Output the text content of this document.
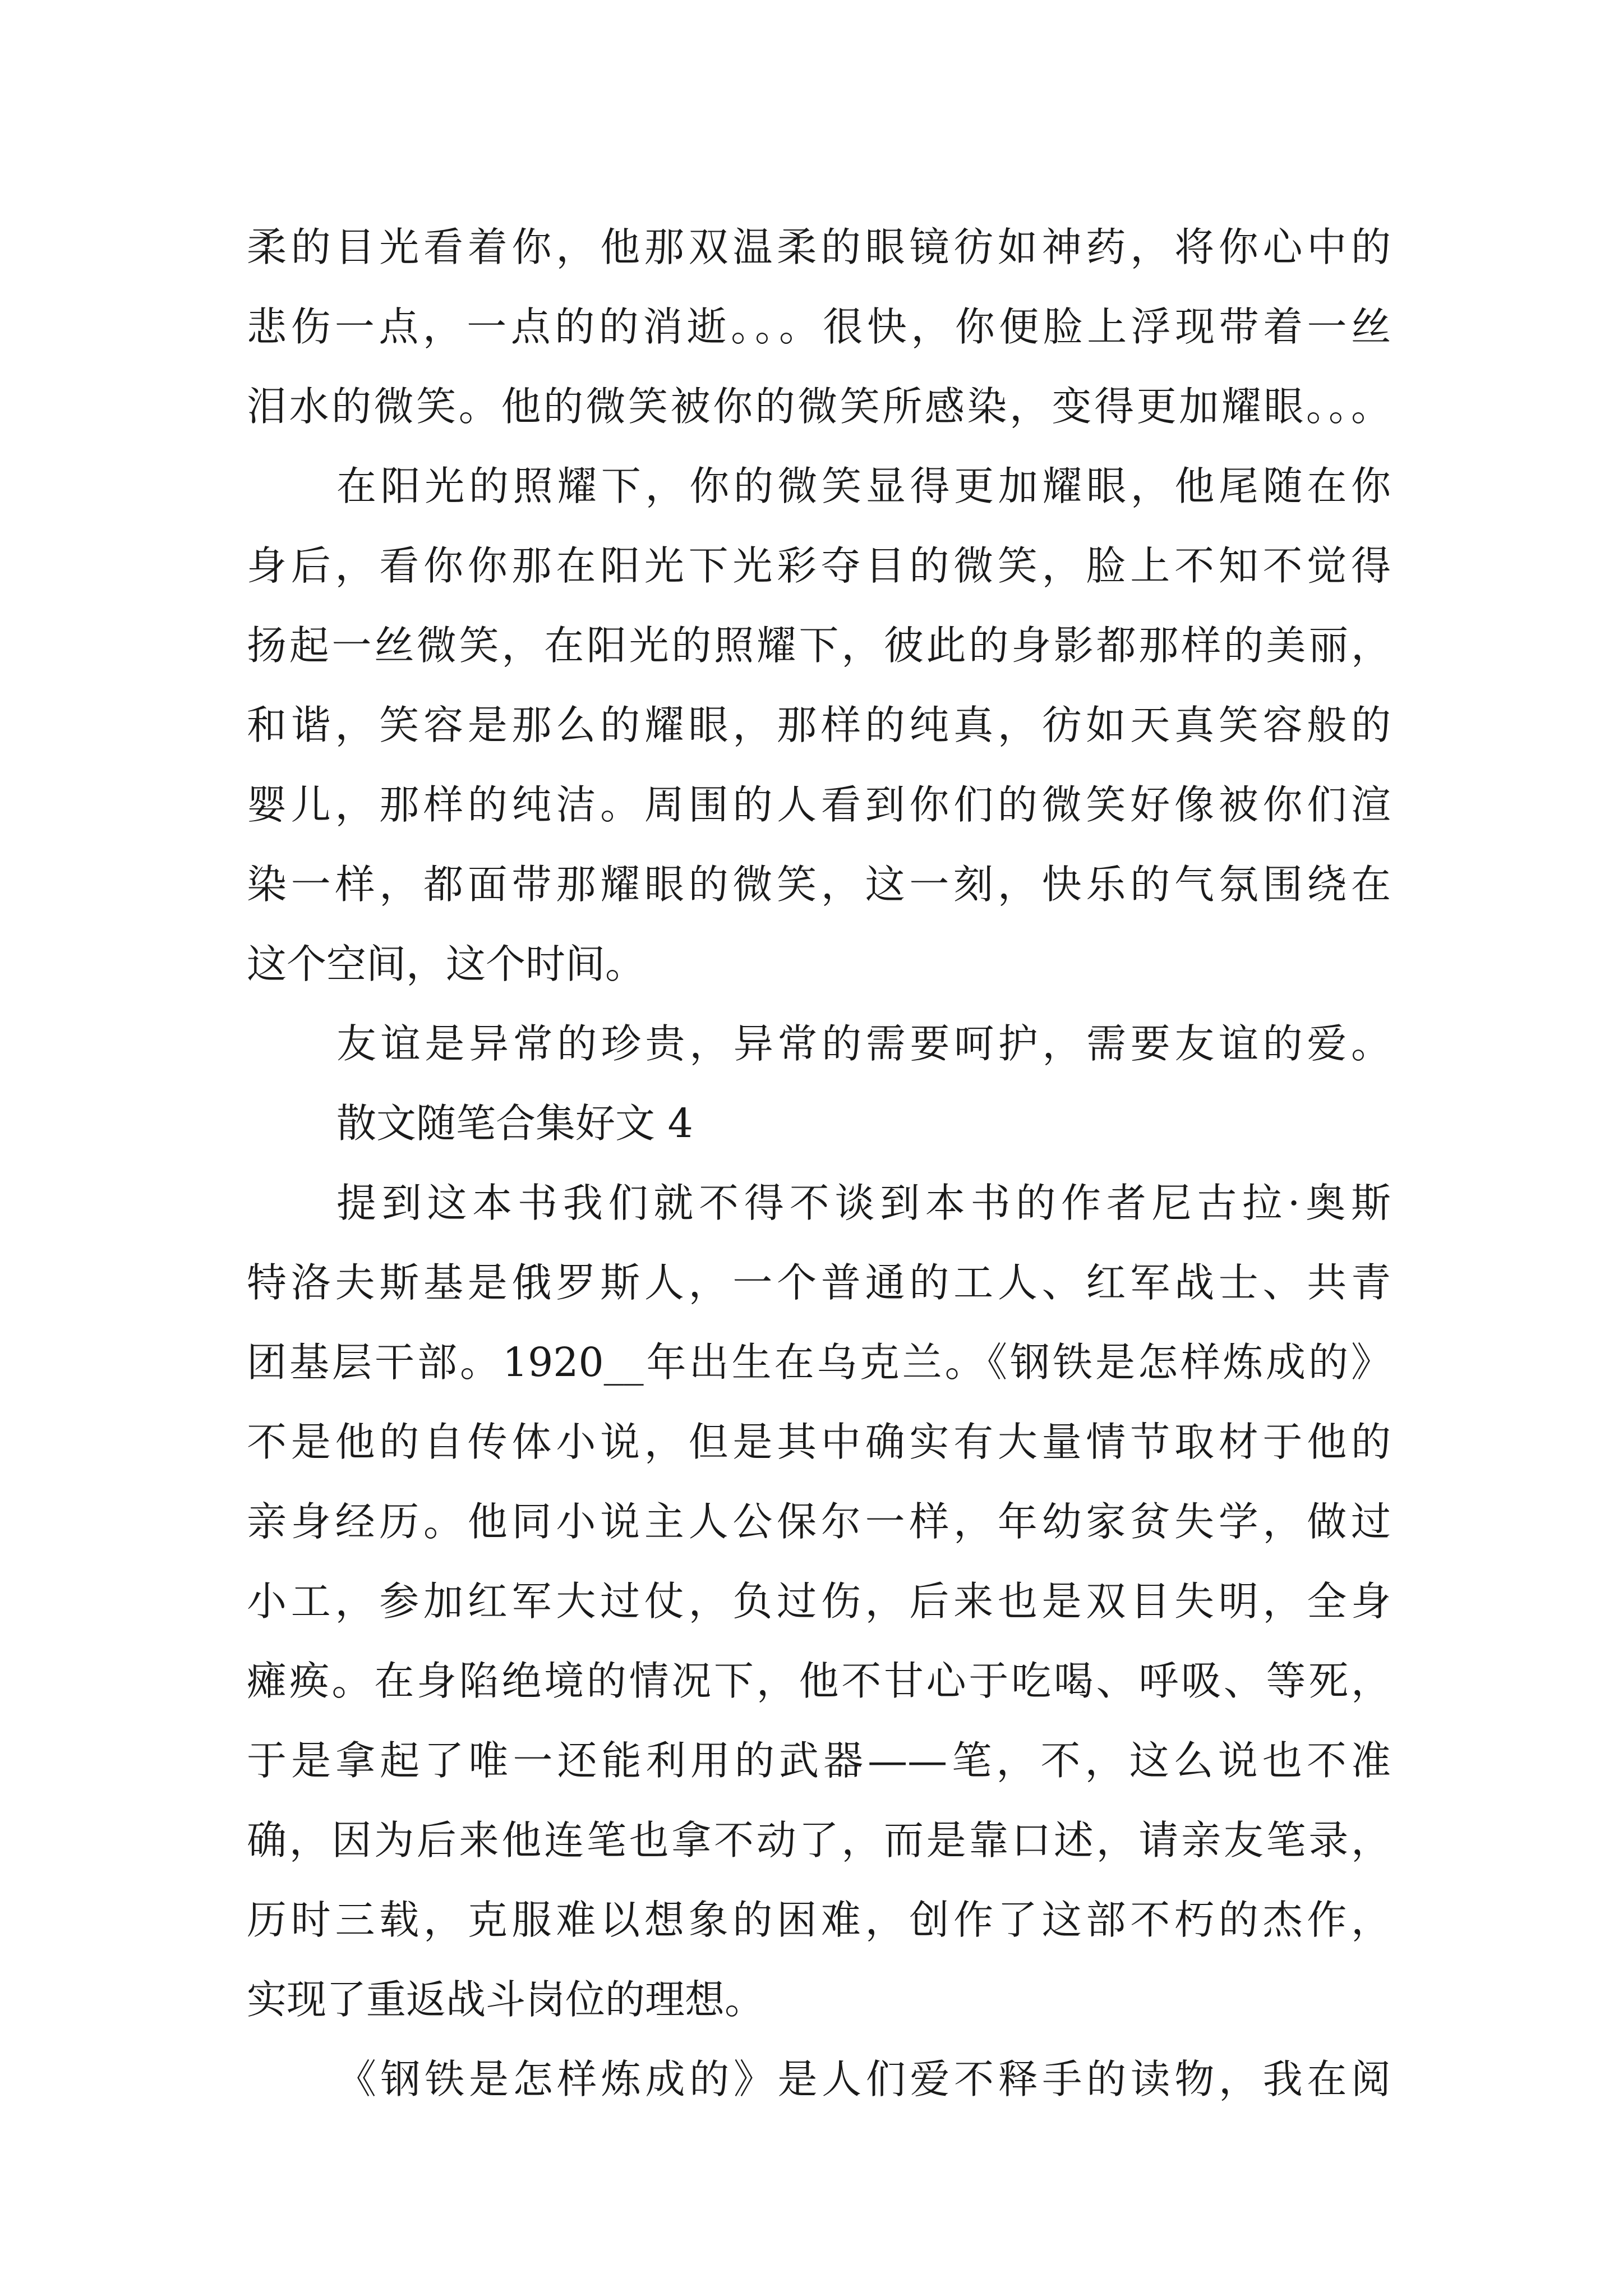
柔的目光看着你，他那双温柔的眼镜彷如神药，将你心中的
悲伤一点，一点的的消逝。。。很快，你便脸上浮现带着一丝
泪水的微笑。他的微笑被你的微笑所感染，变得更加耀眼。。。
在阳光的照耀下，你的微笑显得更加耀眼，他尾随在你
身后，看你你那在阳光下光彩夺目的微笑，脸上不知不觉得
扬起一丝微笑，在阳光的照耀下，彼此的身影都那样的美丽，
和谐，笑容是那么的耀眼，那样的纯真，彷如天真笑容般的
婴儿，那样的纯洁。周围的人看到你们的微笑好像被你们渲
染一样，都面带那耀眼的微笑，这一刻，快乐的气氛围绕在
这个空间，这个时间。
友谊是异常的珍贵，异常的需要呵护，需要友谊的爱。
散文随笔合集好文 4
提到这本书我们就不得不谈到本书的作者尼古拉·奥斯
特洛夫斯基是俄罗斯人，一个普通的工人、红军战士、共青
团基层干部。1920__年出生在乌克兰。《钢铁是怎样炼成的》
不是他的自传体小说，但是其中确实有大量情节取材于他的
亲身经历。他同小说主人公保尔一样，年幼家贫失学，做过
小工，参加红军大过仗，负过伤，后来也是双目失明，全身
瘫痪。在身陷绝境的情况下，他不甘心于吃喝、呼吸、等死，
于是拿起了唯一还能利用的武器——笔，不，这么说也不准
确，因为后来他连笔也拿不动了，而是靠口述，请亲友笔录，
历时三载，克服难以想象的困难，创作了这部不朽的杰作，
实现了重返战斗岗位的理想。
《钢铁是怎样炼成的》是人们爱不释手的读物，我在阅
